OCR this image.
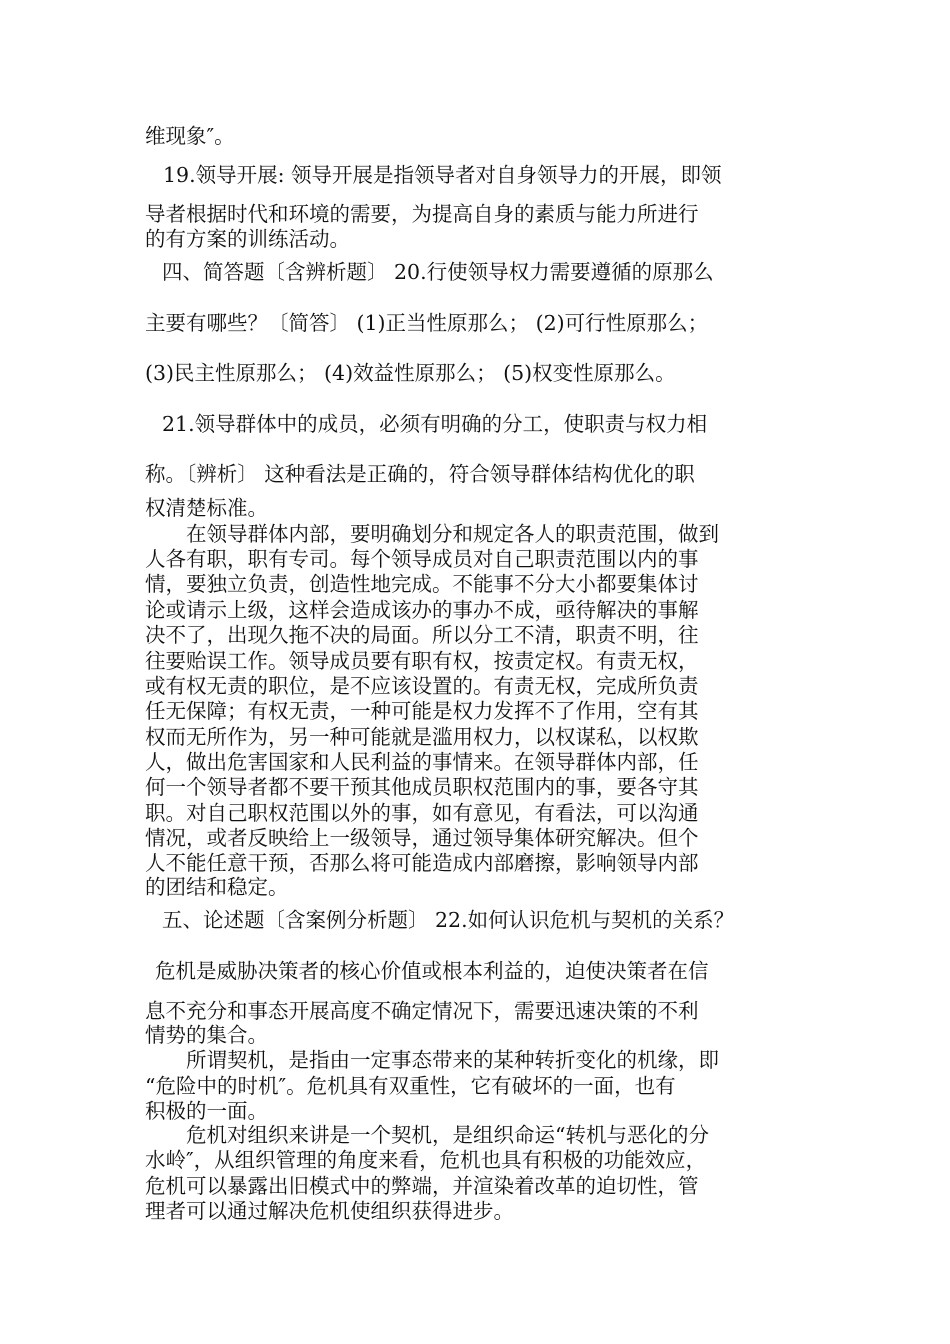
维现象″。
19.领导开展: 领导开展是指领导者对自身领导力的开展，即领
导者根据时代和环境的需要，为提高自身的素质与能力所进行
的有方案的训练活动。
四、简答题〔含辨析题〕 20.行使领导权力需要遵循的原那么
主要有哪些？〔简答〕 (1)正当性原那么； (2)可行性原那么；
(3)民主性原那么； (4)效益性原那么； (5)权变性原那么。
21.领导群体中的成员，必须有明确的分工，使职责与权力相
称。〔辨析〕 这种看法是正确的，符合领导群体结构优化的职
权清楚标准。
在领导群体内部，要明确划分和规定各人的职责范围，做到
人各有职，职有专司。每个领导成员对自己职责范围以内的事
情，要独立负责，创造性地完成。不能事不分大小都要集体讨
论或请示上级，这样会造成该办的事办不成，亟待解决的事解
决不了，出现久拖不决的局面。所以分工不清，职责不明，往
往要贻误工作。领导成员要有职有权，按责定权。有责无权，
或有权无责的职位，是不应该设置的。有责无权，完成所负责
任无保障；有权无责，一种可能是权力发挥不了作用，空有其
权而无所作为，另一种可能就是滥用权力，以权谋私，以权欺
人，做出危害国家和人民利益的事情来。在领导群体内部，任
何一个领导者都不要干预其他成员职权范围内的事，要各守其
职。对自己职权范围以外的事，如有意见，有看法，可以沟通
情况，或者反映给上一级领导，通过领导集体研究解决。但个
人不能任意干预，否那么将可能造成内部磨擦，影响领导内部
的团结和稳定。
五、论述题〔含案例分析题〕 22.如何认识危机与契机的关系？
危机是威胁决策者的核心价值或根本利益的，迫使决策者在信
息不充分和事态开展高度不确定情况下，需要迅速决策的不利
情势的集合。
所谓契机，是指由一定事态带来的某种转折变化的机缘，即
“危险中的时机″。危机具有双重性，它有破坏的一面，也有
积极的一面。
危机对组织来讲是一个契机，是组织命运“转机与恶化的分
水岭″，从组织管理的角度来看，危机也具有积极的功能效应，
危机可以暴露出旧模式中的弊端，并渲染着改革的迫切性，管
理者可以通过解决危机使组织获得进步。
